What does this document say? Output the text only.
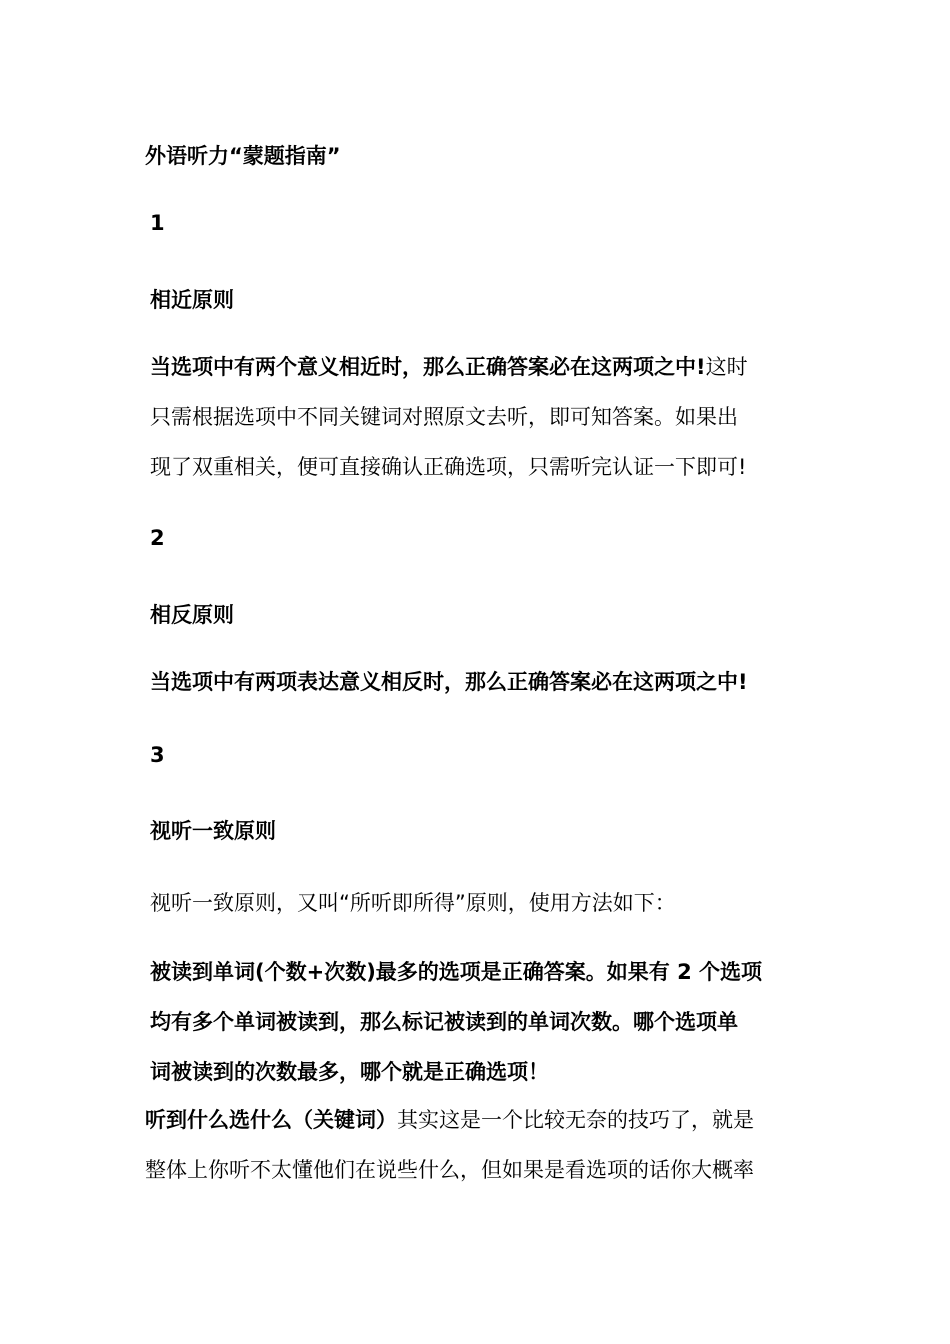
外语听力“蒙题指南”
1
相近原则
当选项中有两个意义相近时，那么正确答案必在这两项之中!这时
只需根据选项中不同关键词对照原文去听，即可知答案。如果出
现了双重相关，便可直接确认正确选项，只需听完认证一下即可!
2
相反原则
当选项中有两项表达意义相反时，那么正确答案必在这两项之中!
3
视听一致原则
视听一致原则，又叫“所听即所得”原则，使用方法如下：
被读到单词(个数+次数)最多的选项是正确答案。如果有 2 个选项
均有多个单词被读到，那么标记被读到的单词次数。哪个选项单
词被读到的次数最多，哪个就是正确选项！
听到什么选什么（关键词）其实这是一个比较无奈的技巧了，就是
整体上你听不太懂他们在说些什么，但如果是看选项的话你大概率
